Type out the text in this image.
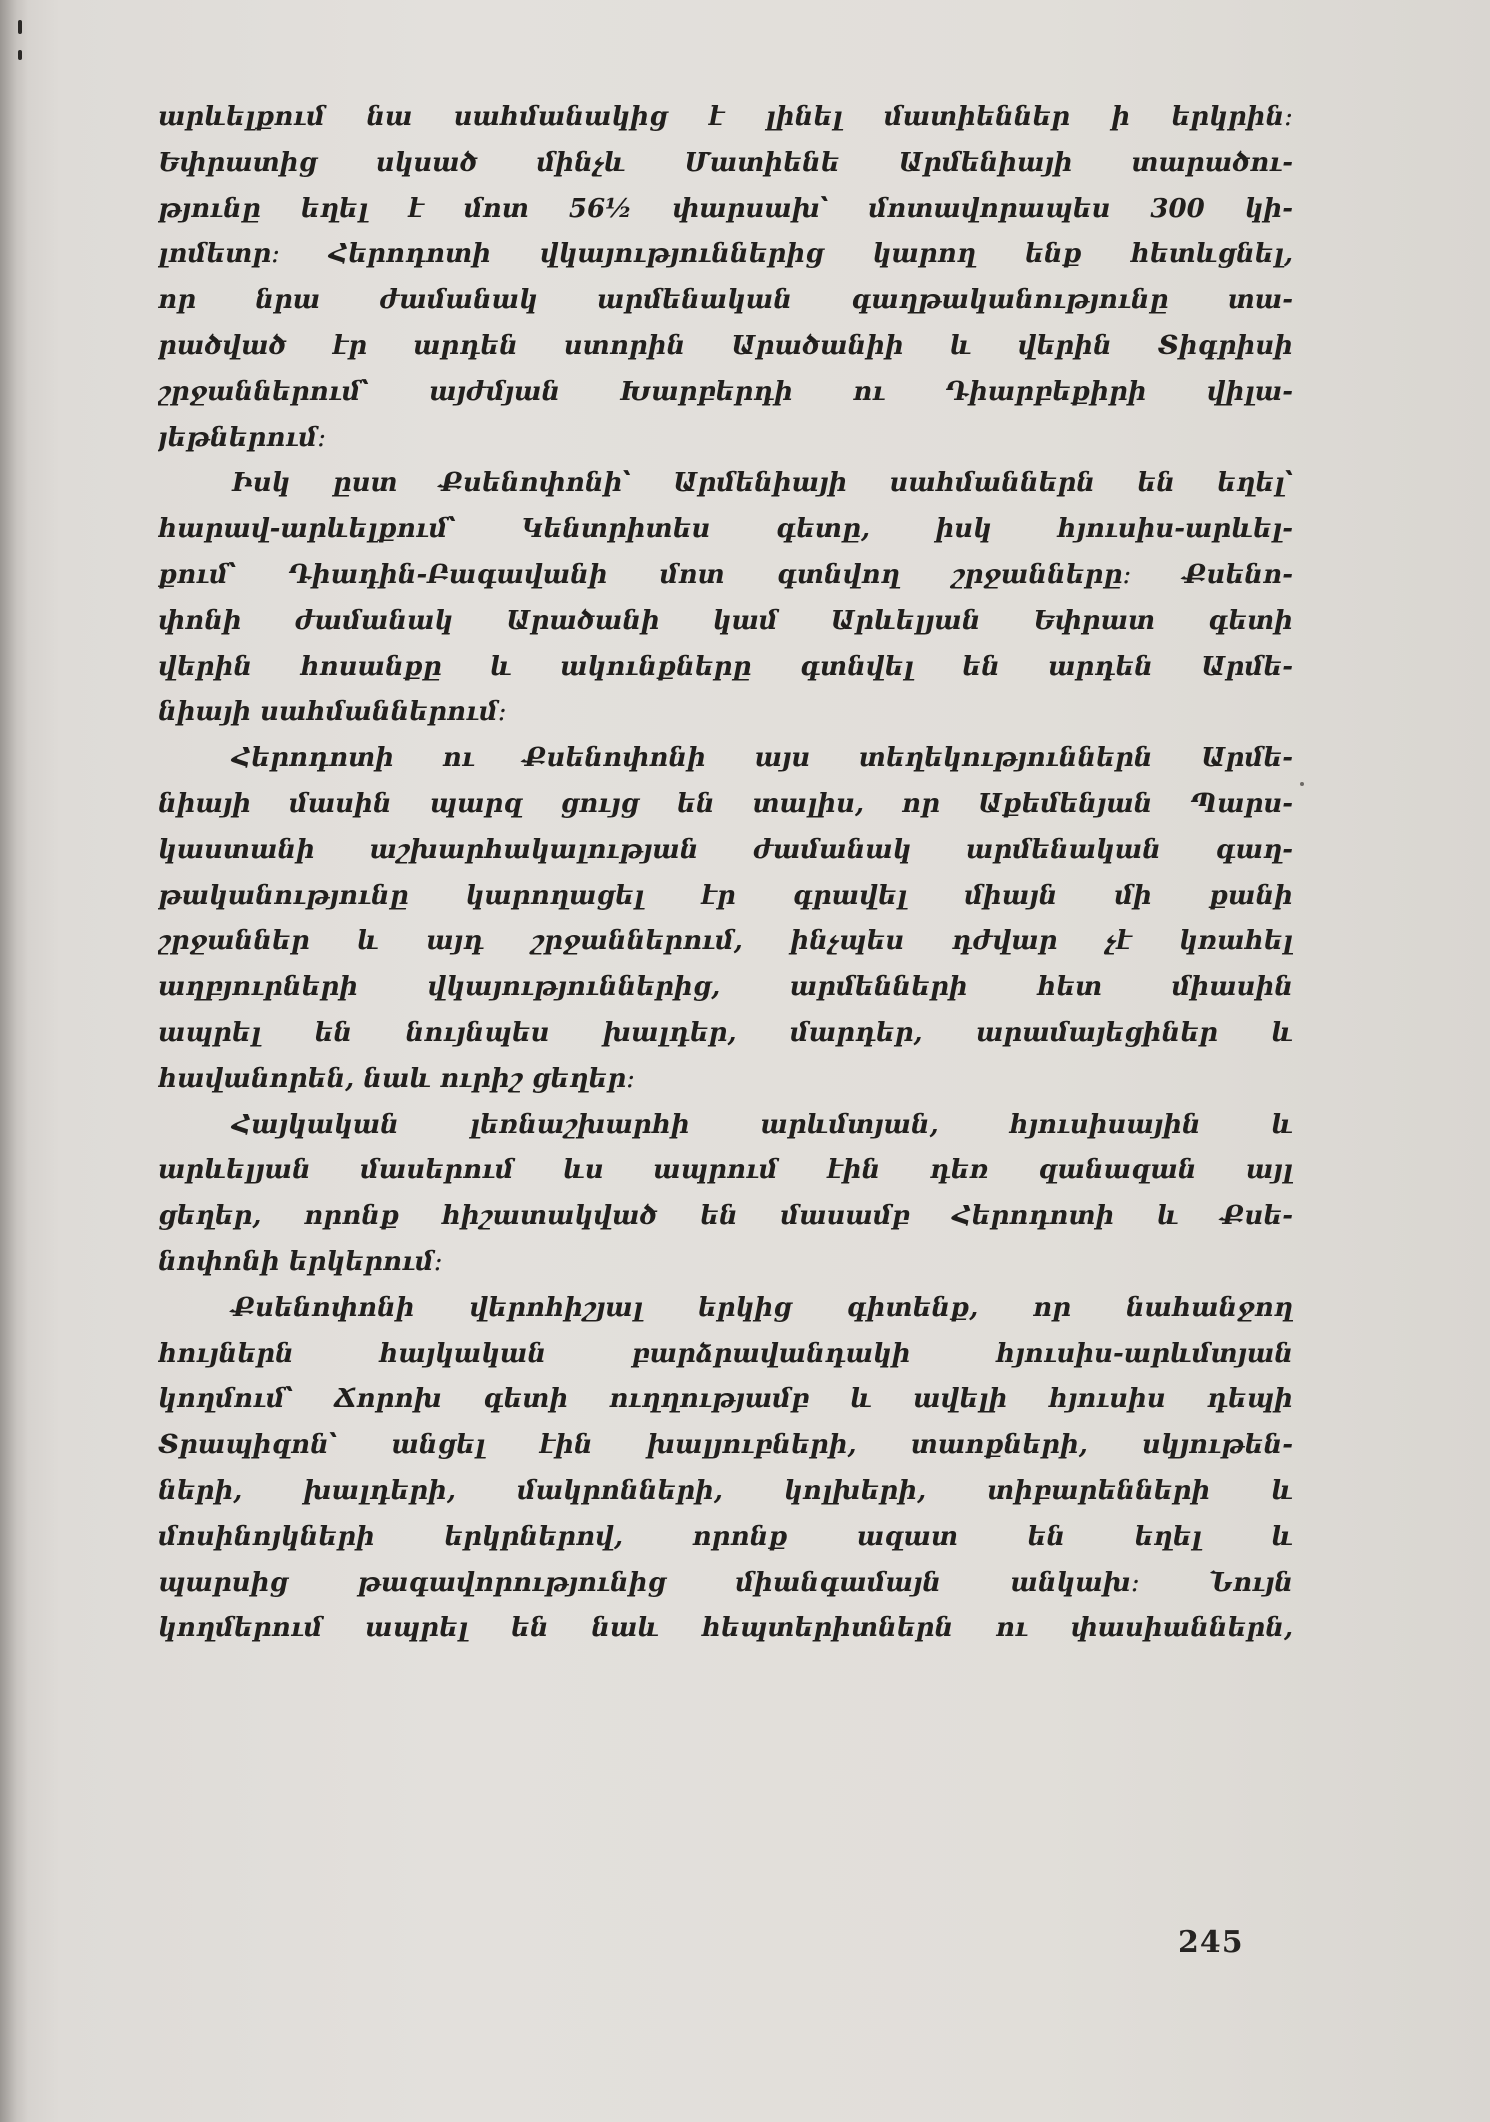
արևելքում նա սահմանակից է լինել մատիեններ ի երկրին։
Եփրատից սկսած մինչև Մատիենե Արմենիայի տարածու-
թյունը եղել է մոտ 56½ փարսախ՝ մոտավորապես 300 կի-
լոմետր։ Հերոդոտի վկայություններից կարող ենք հետևցնել,
որ նրա ժամանակ արմենական գաղթականությունը տա-
րածված էր արդեն ստորին Արածանիի և վերին Տիգրիսի
շրջաններում՝ այժմյան Խարբերդի ու Դիարբեքիրի վիլա-
յեթներում։
Իսկ ըստ Քսենոփոնի՝ Արմենիայի սահմաններն են եղել՝
հարավ-արևելքում՝ Կենտրիտես գետը, իսկ հյուսիս-արևել-
քում՝ Դիադին-Բագավանի մոտ գտնվող շրջանները։ Քսենո-
փոնի ժամանակ Արածանի կամ Արևելյան Եփրատ գետի
վերին հոսանքը և ակունքները գտնվել են արդեն Արմե-
նիայի սահմաններում։
Հերոդոտի ու Քսենոփոնի այս տեղեկություններն Արմե-
նիայի մասին պարզ ցույց են տալիս, որ Աքեմենյան Պարս-
կաստանի աշխարհակալության ժամանակ արմենական գաղ-
թականությունը կարողացել էր գրավել միայն մի քանի
շրջաններ և այդ շրջաններում, ինչպես դժվար չէ կռահել
աղբյուրների վկայություններից, արմենների հետ միասին
ապրել են նույնպես խալդեր, մարդեր, արամայեցիներ և
հավանորեն, նաև ուրիշ ցեղեր։
Հայկական լեռնաշխարհի արևմտյան, հյուսիսային և
արևելյան մասերում ևս ապրում էին դեռ զանազան այլ
ցեղեր, որոնք հիշատակված են մասամբ Հերոդոտի և Քսե-
նոփոնի երկերում։
Քսենոփոնի վերոհիշյալ երկից գիտենք, որ նահանջող
հույներն հայկական բարձրավանդակի հյուսիս-արևմտյան
կողմում՝ Ճորոխ գետի ուղղությամբ և ավելի հյուսիս դեպի
Տրապիզոն՝ անցել էին խալյուբների, տաոքների, սկյութեն-
ների, խալդերի, մակրոնների, կոլխերի, տիբարենների և
մոսինոյկների երկրներով, որոնք ազատ են եղել և
պարսից թագավորությունից միանգամայն անկախ։ Նույն
կողմերում ապրել են նաև հեպտերիտներն ու փասիաններն,
245
